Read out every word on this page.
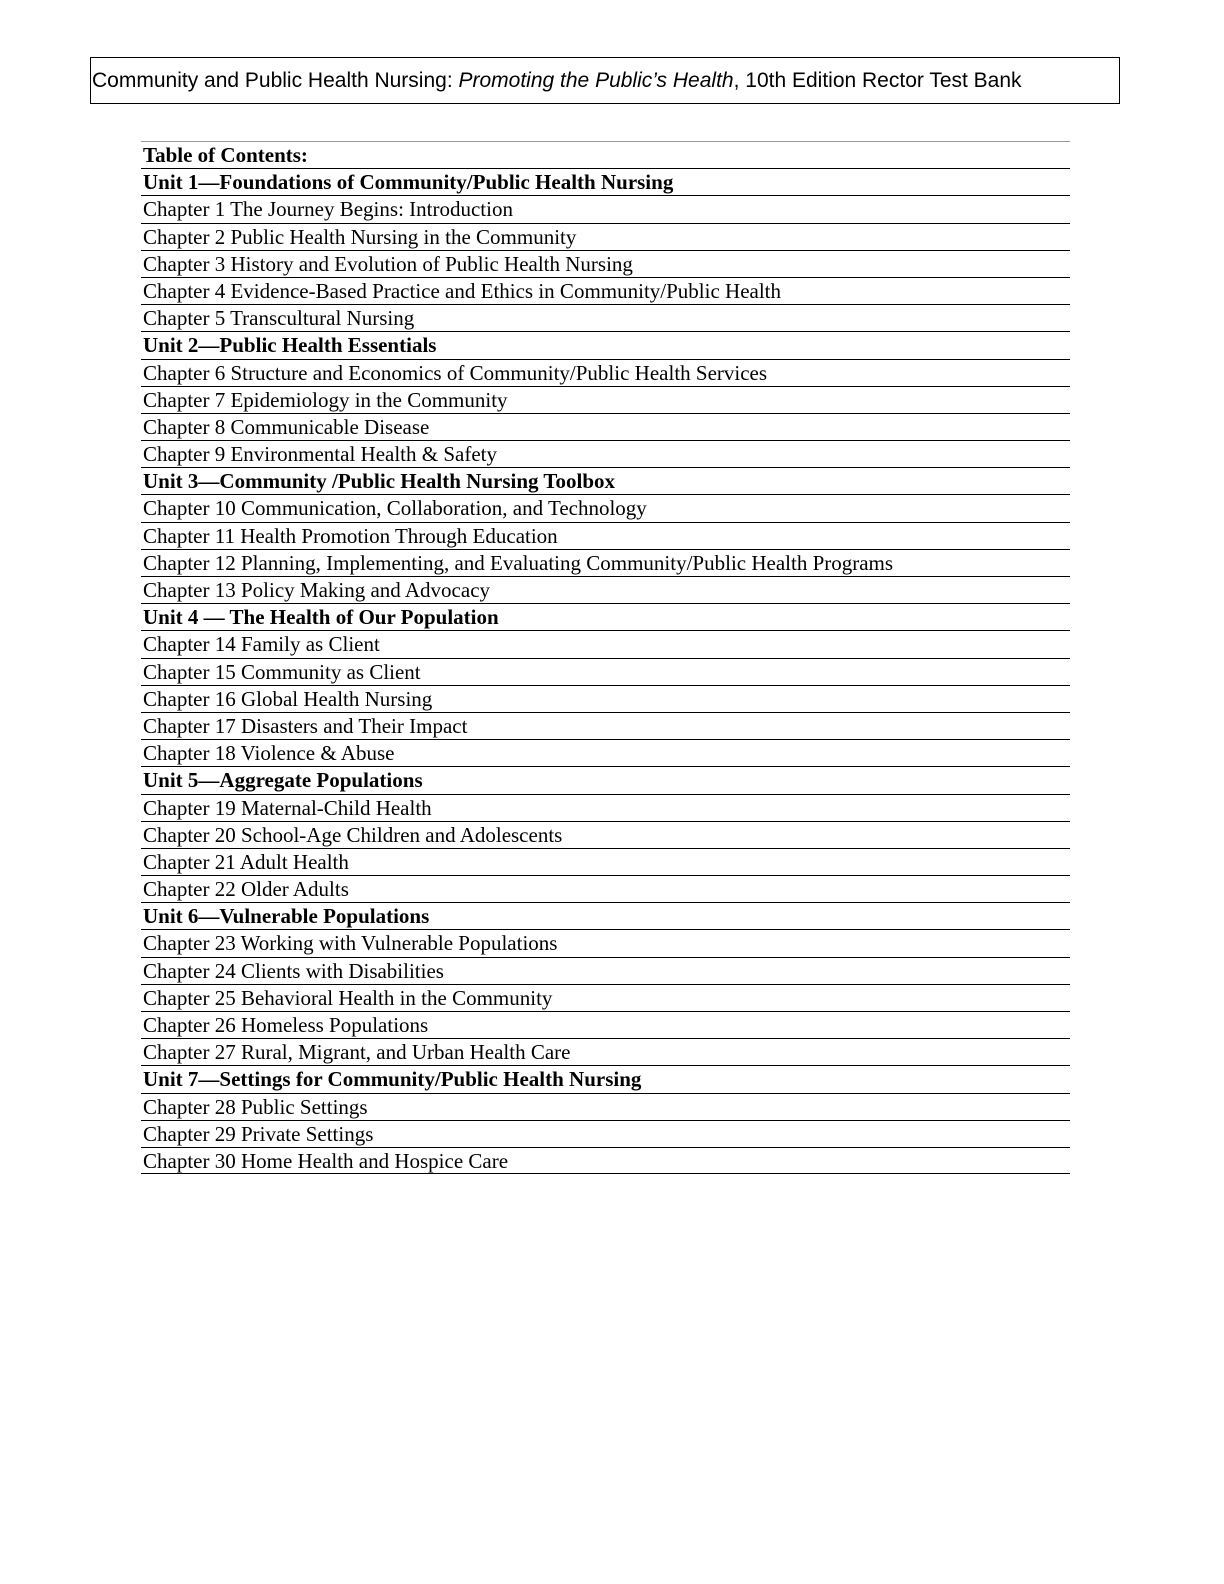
Community and Public Health Nursing: Promoting the Public’s Health, 10th Edition Rector Test Bank
Table of Contents:
Unit 1—Foundations of Community/Public Health Nursing
Chapter 1 The Journey Begins: Introduction
Chapter 2 Public Health Nursing in the Community
Chapter 3 History and Evolution of Public Health Nursing
Chapter 4 Evidence-Based Practice and Ethics in Community/Public Health
Chapter 5 Transcultural Nursing
Unit 2—Public Health Essentials
Chapter 6 Structure and Economics of Community/Public Health Services
Chapter 7 Epidemiology in the Community
Chapter 8 Communicable Disease
Chapter 9 Environmental Health & Safety
Unit 3—Community /Public Health Nursing Toolbox
Chapter 10 Communication, Collaboration, and Technology
Chapter 11 Health Promotion Through Education
Chapter 12 Planning, Implementing, and Evaluating Community/Public Health Programs
Chapter 13 Policy Making and Advocacy
Unit 4 — The Health of Our Population
Chapter 14 Family as Client
Chapter 15 Community as Client
Chapter 16 Global Health Nursing
Chapter 17 Disasters and Their Impact
Chapter 18 Violence & Abuse
Unit 5—Aggregate Populations
Chapter 19 Maternal-Child Health
Chapter 20 School-Age Children and Adolescents
Chapter 21 Adult Health
Chapter 22 Older Adults
Unit 6—Vulnerable Populations
Chapter 23 Working with Vulnerable Populations
Chapter 24 Clients with Disabilities
Chapter 25 Behavioral Health in the Community
Chapter 26 Homeless Populations
Chapter 27 Rural, Migrant, and Urban Health Care
Unit 7—Settings for Community/Public Health Nursing
Chapter 28 Public Settings
Chapter 29 Private Settings
Chapter 30 Home Health and Hospice Care
